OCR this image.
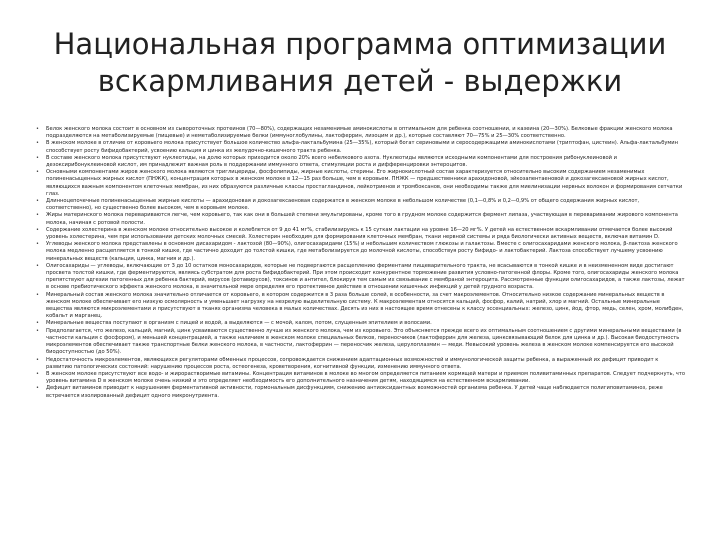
Национальная программа оптимизации вскармливания детей - выдержки
• Белок женского молока состоит в основном из сывороточных протеинов (70—80%), содержащих незаменимые аминокислоты в оптимальном для ребенка соотношении, и казеина (20—30%). Белковые фракции женского молока подразделяются на метаболизируемые (пищевые) и неметаболизируемые белки (иммуноглобулины, лактоферрин, лизоцим и др.), которые составляют 70—75% и 25—30% соответственно.
• В женском молоке в отличие от коровьего молока присутствует большое количество альфа-лактальбумина (25—35%), который богат сериновыми и серосодержащими аминокислотами (триптофан, цистеин). Альфа-лактальбумин способствует росту бифидобактерий, усвоению кальция и цинка из желудочно-кишечного тракта ребенка.
• В составе женского молока присутствуют нуклеотиды, на долю которых приходится около 20% всего небелкового азота. Нуклеотиды являются исходными компонентами для построения рибонуклеиновой и дезоксирибонуклеиновой кислот, им принадлежит важная роль в поддержании иммунного ответа, стимуляции роста и дифференцировки энтероцитов.
• Основными компонентами жиров женского молока являются триглицериды, фосфолипиды, жирные кислоты, стерины. Его жирнокислотный состав характеризуется относительно высоким содержанием незаменимых полиненасыщенных жирных кислот (ПНЖК), концентрация которых в женском молоке в 12—15 раз больше, чем в коровьем. ПНЖК — предшественники арахидоновой, эйкозапентаеновой и докозагексаеновой жирных кислот, являющихся важным компонентом клеточных мембран, из них образуются различные классы простагландинов, лейкотриенов и тромбоксанов, они необходимы также для миелинизации нервных волокон и формирования сетчатки глаз.
• Длинноцепочечные полиненасыщенные жирные кислоты — арахидоновая и докозагексаеновая содержатся в женском молоке в небольшом количестве (0,1—0,8% и 0,2—0,9% от общего содержания жирных кислот, соответственно), но существенно более высоком, чем в коровьем молоке.
• Жиры материнского молока перевариваются легче, чем коровьего, так как они в большей степени эмульгированы, кроме того в грудном молоке содержится фермент липаза, участвующая в переваривании жирового компонента молока, начиная с ротовой полости.
• Содержание холестерина в женском молоке относительно высокое и колеблется от 9 до 41 мг%, стабилизируясь к 15 суткам лактации на уровне 16—20 мг%. У детей на естественном вскармливании отмечается более высокий уровень холестерина, чем при использовании детских молочных смесей. Холестерин необходим для формирования клеточных мембран, ткани нервной системы и ряда биологически активных веществ, включая витамин D.
• Углеводы женского молока представлены в основном дисахаридом - лактозой (80—90%), олигосахаридами (15%) и небольшим количеством глюкозы и галактозы. Вместе с олигосахаридами женского молока, β-лактоза женского молока медленно расщепляется в тонкой кишке, где частично доходит до толстой кишки, где метаболизируется до молочной кислоты, способствуя росту бифидо- и лактобактерий. Лактоза способствует лучшему усвоению минеральных веществ (кальция, цинка, магния и др.).
• Олигосахариды — углеводы, включающие от 3 до 10 остатков моносахаридов, которые не подвергаются расщеплению ферментами пищеварительного тракта, не всасываются в тонкой кишке и в неизмененном виде достигают просвета толстой кишки, где ферментируются, являясь субстратом для роста бифидобактерий. При этом происходит конкурентное торможение развития условно-патогенной флоры. Кроме того, олигосахариды женского молока препятствуют адгезии патогенных для ребенка бактерий, вирусов (ротавирусов), токсинов и антител, блокируя тем самым их связывание с мембраной энтероцита. Рассмотренные функции олигосахаридов, а также лактозы, лежат в основе пребиотического эффекта женского молока, в значительной мере определяя его протективное действие в отношении кишечных инфекций у детей грудного возраста.
• Минеральный состав женского молока значительно отличается от коровьего, в котором содержится в 3 раза больше солей, в особенности, за счет макроэлементов. Относительно низкое содержание минеральных веществ в женском молоке обеспечивает его низкую осмолярность и уменьшает нагрузку на незрелую выделительную систему. К макроэлементам относятся кальций, фосфор, калий, натрий, хлор и магний. Остальные минеральные вещества являются микроэлементами и присутствуют в тканях организма человека в малых количествах. Десять из них в настоящее время отнесены к классу эссенциальных: железо, цинк, йод, фтор, медь, селен, хром, молибден, кобальт и марганец.
• Минеральные вещества поступают в организм с пищей и водой, а выделяются — с мочой, калом, потом, слущенным эпителием и волосами.
• Предполагается, что железо, кальций, магний, цинк усваиваются существенно лучше из женского молока, чем из коровьего. Это объясняется прежде всего их оптимальным соотношением с другими минеральными веществами (в частности кальция с фосфором), и меньшей концентрацией, а также наличием в женском молоке специальных белков, переносчиков (лактоферрин для железа, цинксвязывающий белок для цинка и др.). Высокая биодоступность микроэлементов обеспечивает также транспортные белки женского молока, в частности, лактоферрин — переносчик железа, церулоплазмин — меди. Невысокий уровень железа в женском молоке компенсируется его высокой биодоступностью (до 50%).
• Недостаточность микроэлементов, являющихся регуляторами обменных процессов, сопровождается снижением адаптационных возможностей и иммунологической защиты ребенка, а выраженный их дефицит приводит к развитию патологических состояний: нарушению процессов роста, остеогенеза, кроветворения, когнитивной функции, изменению иммунного ответа.
• В женском молоке присутствуют все водо- и жирорастворимые витамины. Концентрация витаминов в молоке во многом определяется питанием кормящей матери и приемом поливитаминных препаратов. Следует подчеркнуть, что уровень витамина D в женском молоке очень низкий и это определяет необходимость его дополнительного назначения детям, находящимся на естественном вскармливании.
• Дефицит витаминов приводит к нарушениям ферментативной активности, гормональным дисфункциям, снижению антиоксидантных возможностей организма ребенка. У детей чаще наблюдается полигиповитаминоз, реже встречается изолированный дефицит одного микронутриента.
